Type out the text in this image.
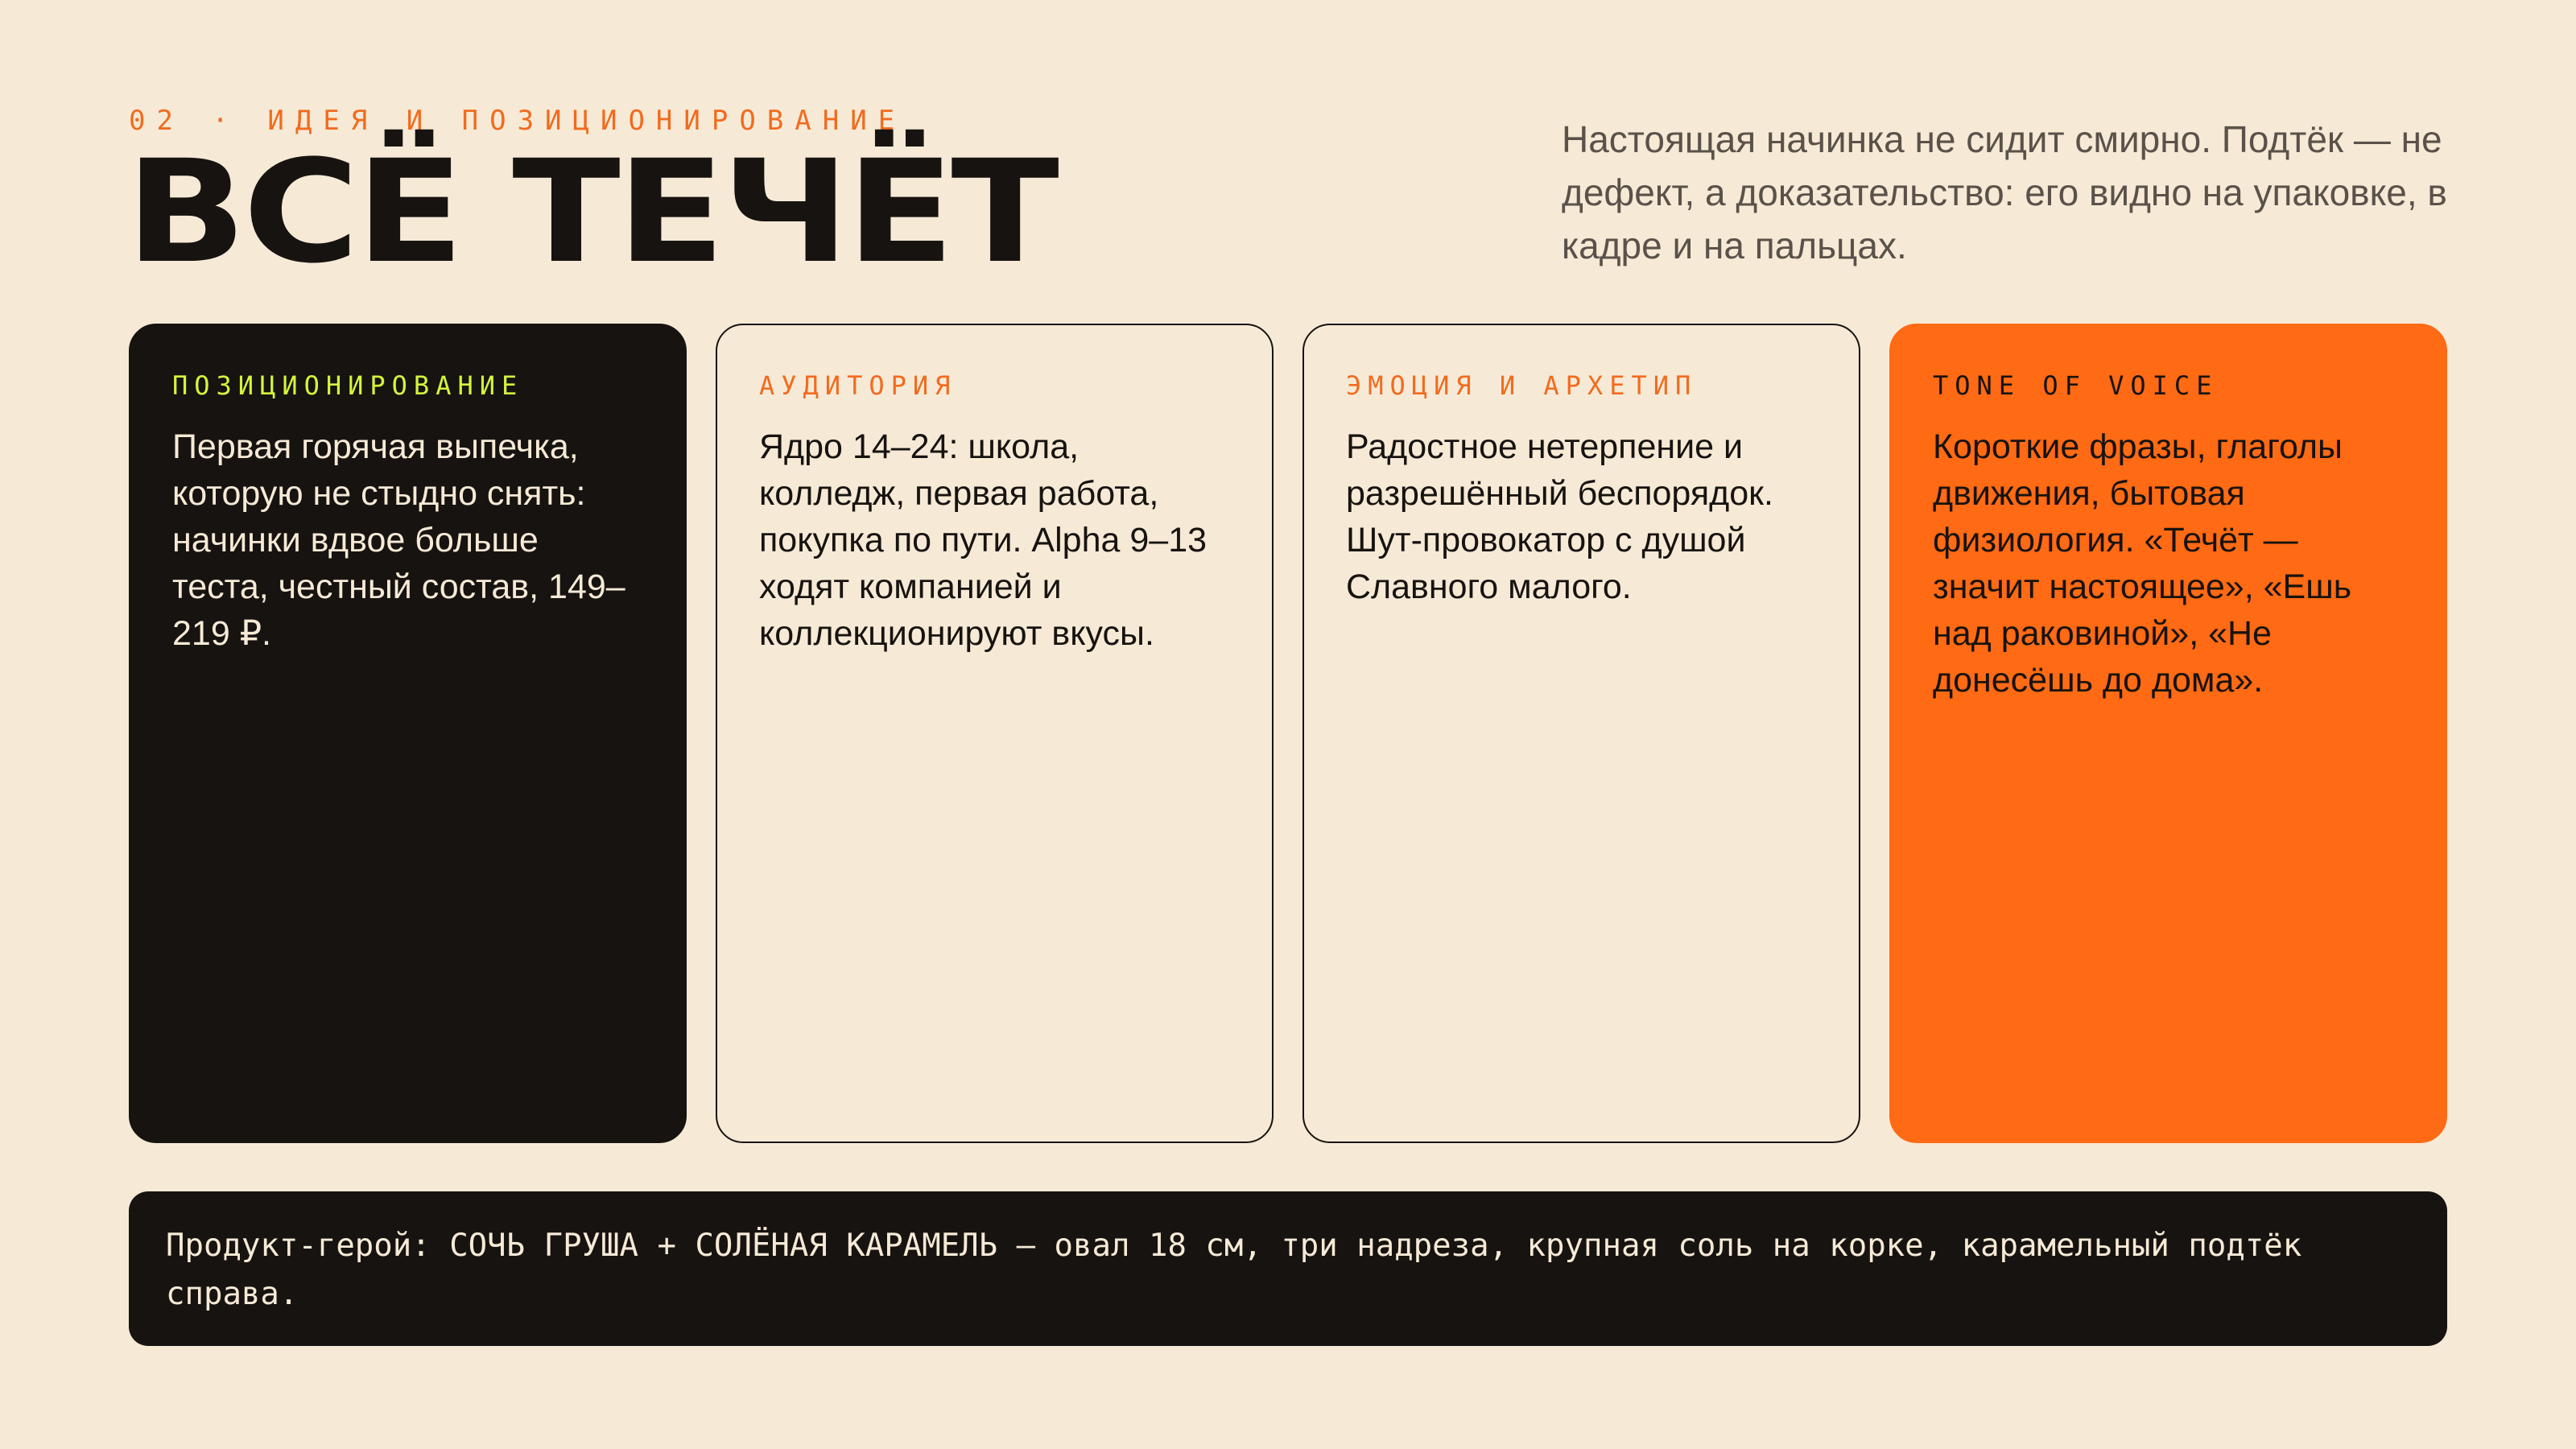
02 · ИДЕЯ И ПОЗИЦИОНИРОВАНИЕ
ВСЁ ТЕЧЁТ	Настоящая начинка не сидит смирно. Подтёк — не дефект, а доказательство: его видно на упаковке, в кадре и на пальцах.
ПОЗИЦИОНИРОВАНИЕ
Первая горячая выпечка, которую не стыдно снять: начинки вдвое больше теста, честный состав, 149–219 ₽.
АУДИТОРИЯ
Ядро 14–24: школа, колледж, первая работа, покупка по пути. Alpha 9–13 ходят компанией и коллекционируют вкусы.
ЭМОЦИЯ И АРХЕТИП
Радостное нетерпение и разрешённый беспорядок. Шут-провокатор с душой Славного малого.
TONE OF VOICE
Короткие фразы, глаголы движения, бытовая физиология. «Течёт — значит настоящее», «Ешь над раковиной», «Не донесёшь до дома».
Продукт-герой: СОЧЬ ГРУША + СОЛЁНАЯ КАРАМЕЛЬ — овал 18 см, три надреза, крупная соль на корке, карамельный подтёк справа.
